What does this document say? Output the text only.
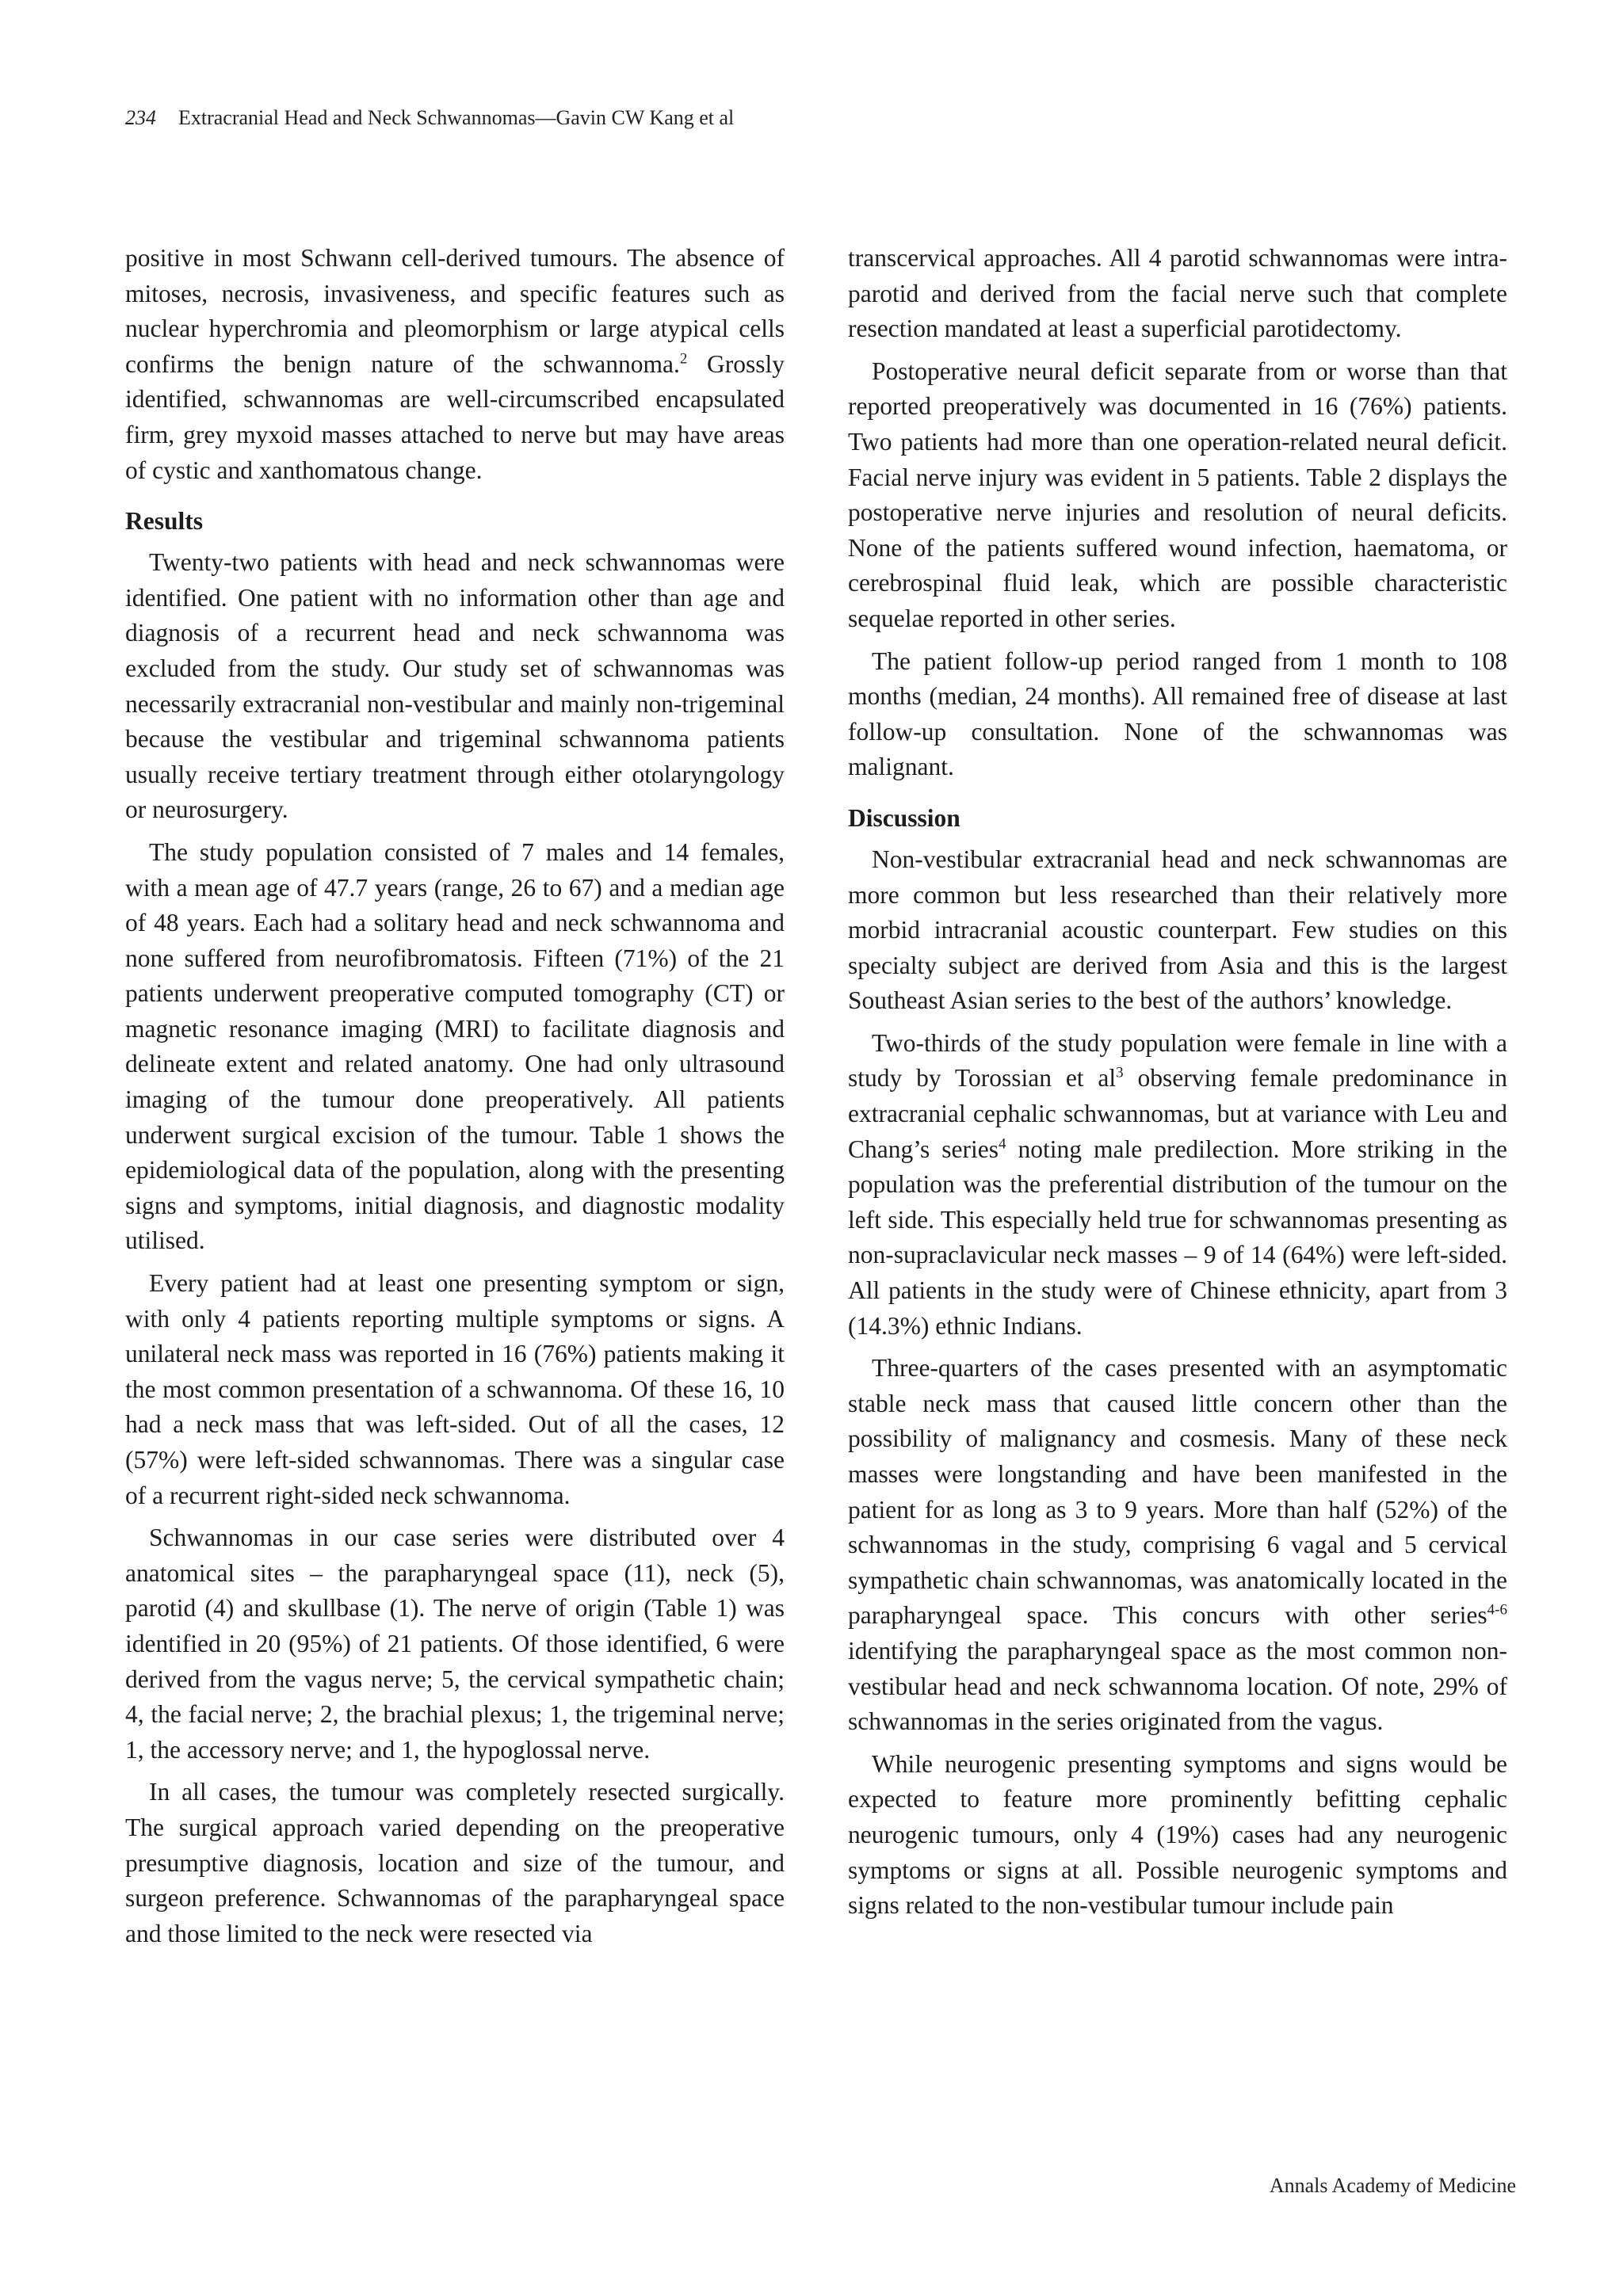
234 Extracranial Head and Neck Schwannomas—Gavin CW Kang et al

positive in most Schwann cell-derived tumours. The absence of mitoses, necrosis, invasiveness, and specific features such as nuclear hyperchromia and pleomorphism or large atypical cells confirms the benign nature of the schwannoma.$^2$ Grossly identified, schwannomas are well-circumscribed encapsulated firm, grey myxoid masses attached to nerve but may have areas of cystic and xanthomatous change.

Results

Twenty-two patients with head and neck schwannomas were identified. One patient with no information other than age and diagnosis of a recurrent head and neck schwannoma was excluded from the study. Our study set of schwannomas was necessarily extracranial non-vestibular and mainly non-trigeminal because the vestibular and trigeminal schwannoma patients usually receive tertiary treatment through either otolaryngology or neurosurgery.

The study population consisted of 7 males and 14 females, with a mean age of 47.7 years (range, 26 to 67) and a median age of 48 years. Each had a solitary head and neck schwannoma and none suffered from neurofibromatosis. Fifteen (71%) of the 21 patients underwent preoperative computed tomography (CT) or magnetic resonance imaging (MRI) to facilitate diagnosis and delineate extent and related anatomy. One had only ultrasound imaging of the tumour done preoperatively. All patients underwent surgical excision of the tumour. Table 1 shows the epidemiological data of the population, along with the presenting signs and symptoms, initial diagnosis, and diagnostic modality utilised.

Every patient had at least one presenting symptom or sign, with only 4 patients reporting multiple symptoms or signs. A unilateral neck mass was reported in 16 (76%) patients making it the most common presentation of a schwannoma. Of these 16, 10 had a neck mass that was left-sided. Out of all the cases, 12 (57%) were left-sided schwannomas. There was a singular case of a recurrent right-sided neck schwannoma.

Schwannomas in our case series were distributed over 4 anatomical sites – the parapharyngeal space (11), neck (5), parotid (4) and skullbase (1). The nerve of origin (Table 1) was identified in 20 (95%) of 21 patients. Of those identified, 6 were derived from the vagus nerve; 5, the cervical sympathetic chain; 4, the facial nerve; 2, the brachial plexus; 1, the trigeminal nerve; 1, the accessory nerve; and 1, the hypoglossal nerve.

In all cases, the tumour was completely resected surgically. The surgical approach varied depending on the preoperative presumptive diagnosis, location and size of the tumour, and surgeon preference. Schwannomas of the parapharyngeal space and those limited to the neck were resected via

transcervical approaches. All 4 parotid schwannomas were intra-parotid and derived from the facial nerve such that complete resection mandated at least a superficial parotidectomy.

Postoperative neural deficit separate from or worse than that reported preoperatively was documented in 16 (76%) patients. Two patients had more than one operation-related neural deficit. Facial nerve injury was evident in 5 patients. Table 2 displays the postoperative nerve injuries and resolution of neural deficits. None of the patients suffered wound infection, haematoma, or cerebrospinal fluid leak, which are possible characteristic sequelae reported in other series.

The patient follow-up period ranged from 1 month to 108 months (median, 24 months). All remained free of disease at last follow-up consultation. None of the schwannomas was malignant.

Discussion

Non-vestibular extracranial head and neck schwannomas are more common but less researched than their relatively more morbid intracranial acoustic counterpart. Few studies on this specialty subject are derived from Asia and this is the largest Southeast Asian series to the best of the authors’ knowledge.

Two-thirds of the study population were female in line with a study by Torossian et $al^3$ observing female predominance in extracranial cephalic schwannomas, but at variance with Leu and Chang’s series$^4$ noting male predilection. More striking in the population was the preferential distribution of the tumour on the left side. This especially held true for schwannomas presenting as non-supraclavicular neck masses – 9 of 14 (64%) were left-sided. All patients in the study were of Chinese ethnicity, apart from 3 (14.3%) ethnic Indians.

Three-quarters of the cases presented with an asymptomatic stable neck mass that caused little concern other than the possibility of malignancy and cosmesis. Many of these neck masses were longstanding and have been manifested in the patient for as long as 3 to 9 years. More than half (52%) of the schwannomas in the study, comprising 6 vagal and 5 cervical sympathetic chain schwannomas, was anatomically located in the parapharyngeal space. This concurs with other series$^{4-6}$ identifying the parapharyngeal space as the most common non-vestibular head and neck schwannoma location. Of note, 29% of schwannomas in the series originated from the vagus.

While neurogenic presenting symptoms and signs would be expected to feature more prominently befitting cephalic neurogenic tumours, only 4 (19%) cases had any neurogenic symptoms or signs at all. Possible neurogenic symptoms and signs related to the non-vestibular tumour include pain

Annals Academy of Medicine
